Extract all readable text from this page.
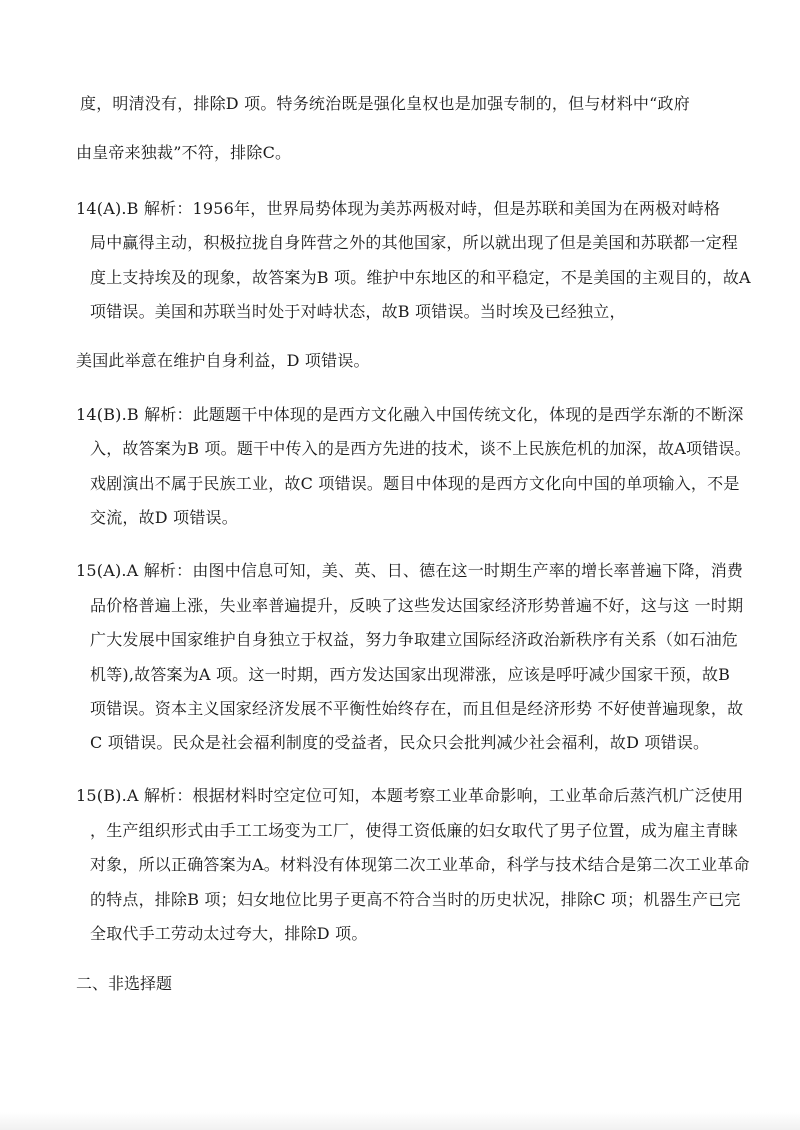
度，明清没有，排除D 项。特务统治既是强化皇权也是加强专制的，但与材料中“政府
由皇帝来独裁”不符，排除C。
14(A).B 解析：1956年，世界局势体现为美苏两极对峙，但是苏联和美国为在两极对峙格
局中赢得主动，积极拉拢自身阵营之外的其他国家，所以就出现了但是美国和苏联都一定程
度上支持埃及的现象，故答案为B 项。维护中东地区的和平稳定，不是美国的主观目的，故A
项错误。美国和苏联当时处于对峙状态，故B 项错误。当时埃及已经独立，
美国此举意在维护自身利益，D 项错误。
14(B).B 解析：此题题干中体现的是西方文化融入中国传统文化，体现的是西学东渐的不断深
入，故答案为B 项。题干中传入的是西方先进的技术，谈不上民族危机的加深，故A项错误。
戏剧演出不属于民族工业，故C 项错误。题目中体现的是西方文化向中国的单项输入，不是
交流，故D 项错误。
15(A).A 解析：由图中信息可知，美、英、日、德在这一时期生产率的增长率普遍下降，消费
品价格普遍上涨，失业率普遍提升，反映了这些发达国家经济形势普遍不好，这与这 一时期
广大发展中国家维护自身独立于权益，努力争取建立国际经济政治新秩序有关系（如石油危
机等),故答案为A 项。这一时期，西方发达国家出现滞涨，应该是呼吁减少国家干预，故B
项错误。资本主义国家经济发展不平衡性始终存在，而且但是经济形势 不好使普遍现象，故
C 项错误。民众是社会福利制度的受益者，民众只会批判减少社会福利，故D 项错误。
15(B).A 解析：根据材料时空定位可知，本题考察工业革命影响，工业革命后蒸汽机广泛使用
，生产组织形式由手工工场变为工厂，使得工资低廉的妇女取代了男子位置，成为雇主青睐
对象，所以正确答案为A。材料没有体现第二次工业革命，科学与技术结合是第二次工业革命
的特点，排除B 项；妇女地位比男子更高不符合当时的历史状况，排除C 项；机器生产已完
全取代手工劳动太过夸大，排除D 项。
二、非选择题
